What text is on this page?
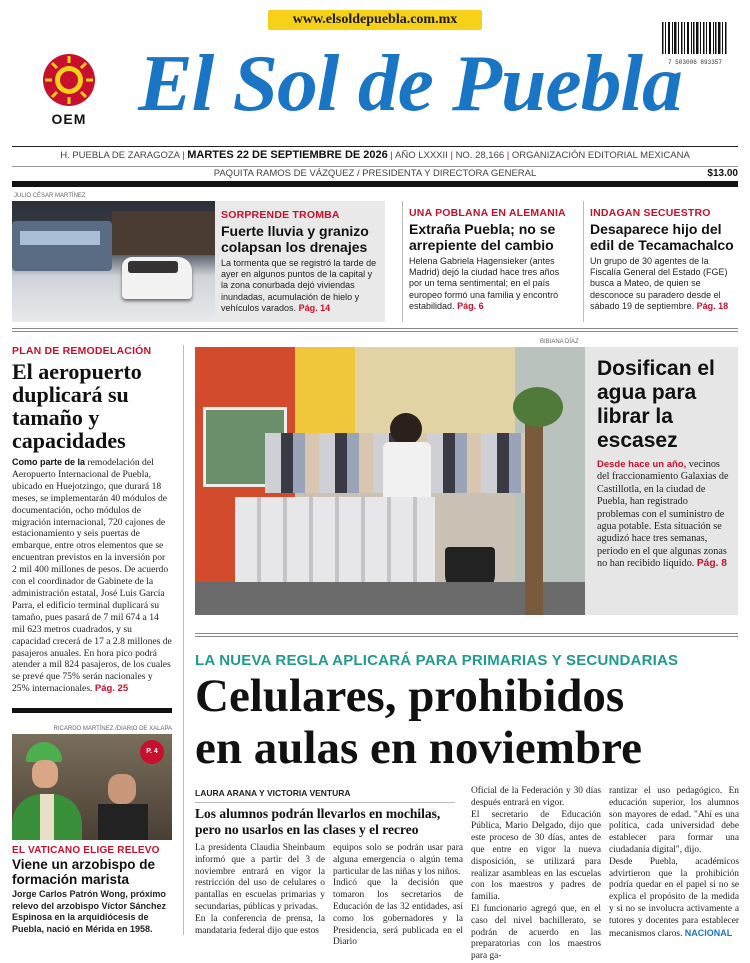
www.elsoldepuebla.com.mx
7 503006 893357
OEM El Sol de Puebla
H. PUEBLA DE ZARAGOZA | MARTES 22 DE SEPTIEMBRE DE 2026 | AÑO LXXXII | NO. 28,166 | ORGANIZACIÓN EDITORIAL MEXICANA
PAQUITA RAMOS DE VÁZQUEZ / PRESIDENTA Y DIRECTORA GENERAL	$13.00
JULIO CÉSAR MARTÍNEZ
SORPRENDE TROMBA
Fuerte lluvia y granizo colapsan los drenajes
La tormenta que se registró la tarde de ayer en algunos puntos de la capital y la zona conurbada dejó viviendas inundadas, acumulación de hielo y vehículos varados. Pág. 14
UNA POBLANA EN ALEMANIA
Extraña Puebla; no se arrepiente del cambio
Helena Gabriela Hagensieker (antes Madrid) dejó la ciudad hace tres años por un tema sentimental; en el país europeo formó una familia y encontró estabilidad. Pág. 6
INDAGAN SECUESTRO
Desaparece hijo del edil de Tecamachalco
Un grupo de 30 agentes de la Fiscalía General del Estado (FGE) busca a Mateo, de quien se desconoce su paradero desde el sábado 19 de septiembre. Pág. 18
PLAN DE REMODELACIÓN
El aeropuerto duplicará su tamaño y capacidades
Como parte de la remodelación del Aeropuerto Internacional de Puebla, ubicado en Huejotzingo, que durará 18 meses, se implementarán 40 módulos de documentación, ocho módulos de migración internacional, 720 cajones de estacionamiento y seis puertas de embarque, entre otros elementos que se encuentran previstos en la inversión por 2 mil 400 millones de pesos. De acuerdo con el coordinador de Gabinete de la administración estatal, José Luis García Parra, el edificio terminal duplicará su tamaño, pues pasará de 7 mil 674 a 14 mil 623 metros cuadrados, y su capacidad crecerá de 17 a 2.8 millones de pasajeros anuales. En hora pico podrá atender a mil 824 pasajeros, de los cuales se prevé que 75% serán nacionales y 25% internacionales. Pág. 25
RICARDO MARTÍNEZ /DIARIO DE XALAPA
P. 4
EL VATICANO ELIGE RELEVO
Viene un arzobispo de formación marista
Jorge Carlos Patrón Wong, próximo relevo del arzobispo Víctor Sánchez Espinosa en la arquidiócesis de Puebla, nació en Mérida en 1958.
BIBIANA DÍAZ
Dosifican el agua para librar la escasez
Desde hace un año, vecinos del fraccionamiento Galaxias de Castillotla, en la ciudad de Puebla, han registrado problemas con el suministro de agua potable. Esta situación se agudizó hace tres semanas, periodo en el que algunas zonas no han recibido líquido. Pág. 8
LA NUEVA REGLA APLICARÁ PARA PRIMARIAS Y SECUNDARIAS
Celulares, prohibidos
en aulas en noviembre
LAURA ARANA Y VICTORIA VENTURA
Los alumnos podrán llevarlos en mochilas, pero no usarlos en las clases y el recreo
La presidenta Claudia Sheinbaum informó que a partir del 3 de noviembre entrará en vigor la restricción del uso de celulares o pantallas en escuelas primarias y secundarias, públicas y privadas.
En la conferencia de prensa, la mandataria federal dijo que estos
equipos solo se podrán usar para alguna emergencia o algún tema particular de las niñas y los niños.
Indicó que la decisión que tomaron los secretarios de Educación de las 32 entidades, así como los gobernadores y la Presidencia, será publicada en el Diario
Oficial de la Federación y 30 días después entrará en vigor.
El secretario de Educación Pública, Mario Delgado, dijo que este proceso de 30 días, antes de que entre en vigor la nueva disposición, se utilizará para realizar asambleas en las escuelas con los maestros y padres de familia.
El funcionario agregó que, en el caso del nivel bachillerato, se podrán de acuerdo en las preparatorias con los maestros para ga-
rantizar el uso pedagógico. En educación superior, los alumnos son mayores de edad. "Ahí es una política, cada universidad debe establecer para formar una ciudadanía digital", dijo.
Desde Puebla, académicos advirtieron que la prohibición podría quedar en el papel si no se explica el propósito de la medida y si no se involucra activamente a tutores y docentes para establecer mecanismos claros. NACIONAL
